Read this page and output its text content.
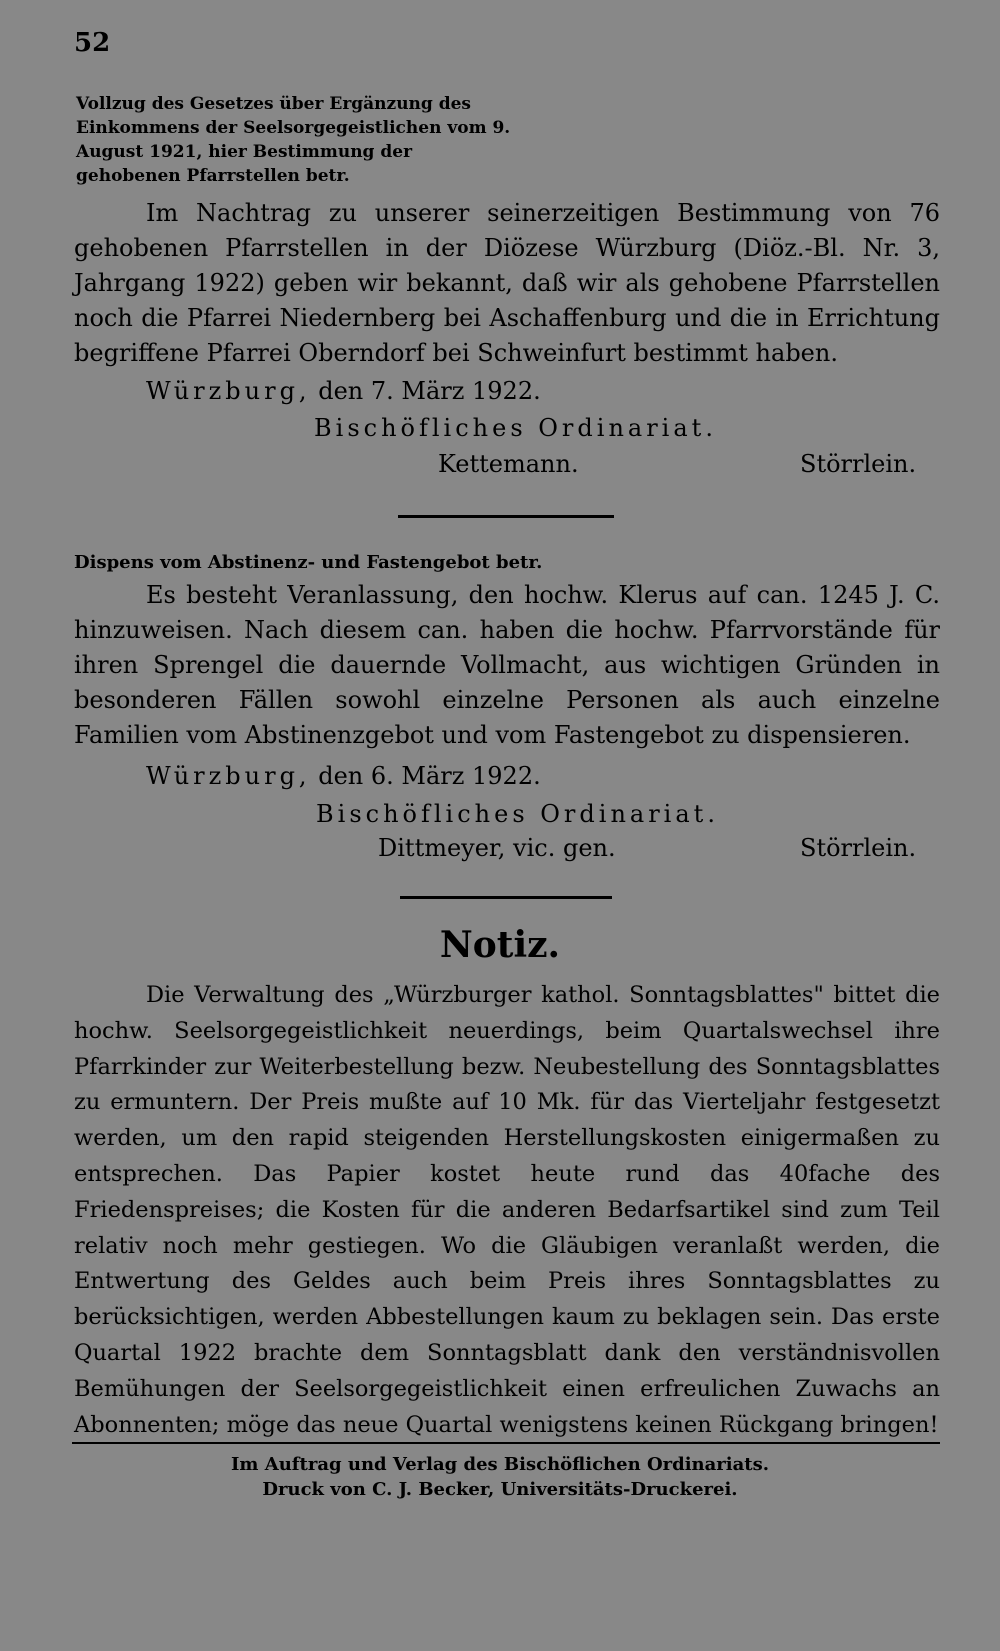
52
Vollzug des Gesetzes über Ergänzung des Einkommens der Seelsorgegeistlichen vom 9. August 1921, hier Bestimmung der gehobenen Pfarrstellen betr.

Im Nachtrag zu unserer seinerzeitigen Bestimmung von 76 gehobenen Pfarrstellen in der Diözese Würzburg (Diöz.-Bl. Nr. 3, Jahrgang 1922) geben wir bekannt, daß wir als gehobene Pfarrstellen noch die Pfarrei Niedernberg bei Aschaffenburg und die in Errichtung begriffene Pfarrei Oberndorf bei Schweinfurt bestimmt haben.

Würzburg, den 7. März 1922.
Bischöfliches Ordinariat.
Kettemann.	Störrlein.
Dispens vom Abstinenz- und Fastengebot betr.

Es besteht Veranlassung, den hochw. Klerus auf can. 1245 J. C. hinzuweisen. Nach diesem can. haben die hochw. Pfarrvorstände für ihren Sprengel die dauernde Vollmacht, aus wichtigen Gründen in besonderen Fällen sowohl einzelne Personen als auch einzelne Familien vom Abstinenzgebot und vom Fastengebot zu dispensieren.

Würzburg, den 6. März 1922.
Bischöfliches Ordinariat.
Dittmeyer, vic. gen.	Störrlein.
Notiz.

Die Verwaltung des „Würzburger kathol. Sonntagsblattes" bittet die hochw. Seelsorgegeistlichkeit neuerdings, beim Quartalswechsel ihre Pfarrkinder zur Weiterbestellung bezw. Neubestellung des Sonntagsblattes zu ermuntern. Der Preis mußte auf 10 Mk. für das Vierteljahr festgesetzt werden, um den rapid steigenden Herstellungskosten einigermaßen zu entsprechen. Das Papier kostet heute rund das 40fache des Friedenspreises; die Kosten für die anderen Bedarfsartikel sind zum Teil relativ noch mehr gestiegen. Wo die Gläubigen veranlaßt werden, die Entwertung des Geldes auch beim Preis ihres Sonntagsblattes zu berücksichtigen, werden Abbestellungen kaum zu beklagen sein. Das erste Quartal 1922 brachte dem Sonntagsblatt dank den verständnisvollen Bemühungen der Seelsorgegeistlichkeit einen erfreulichen Zuwachs an Abonnenten; möge das neue Quartal wenigstens keinen Rückgang bringen!

Im Auftrag und Verlag des Bischöflichen Ordinariats.
Druck von C. J. Becker, Universitäts-Druckerei.
